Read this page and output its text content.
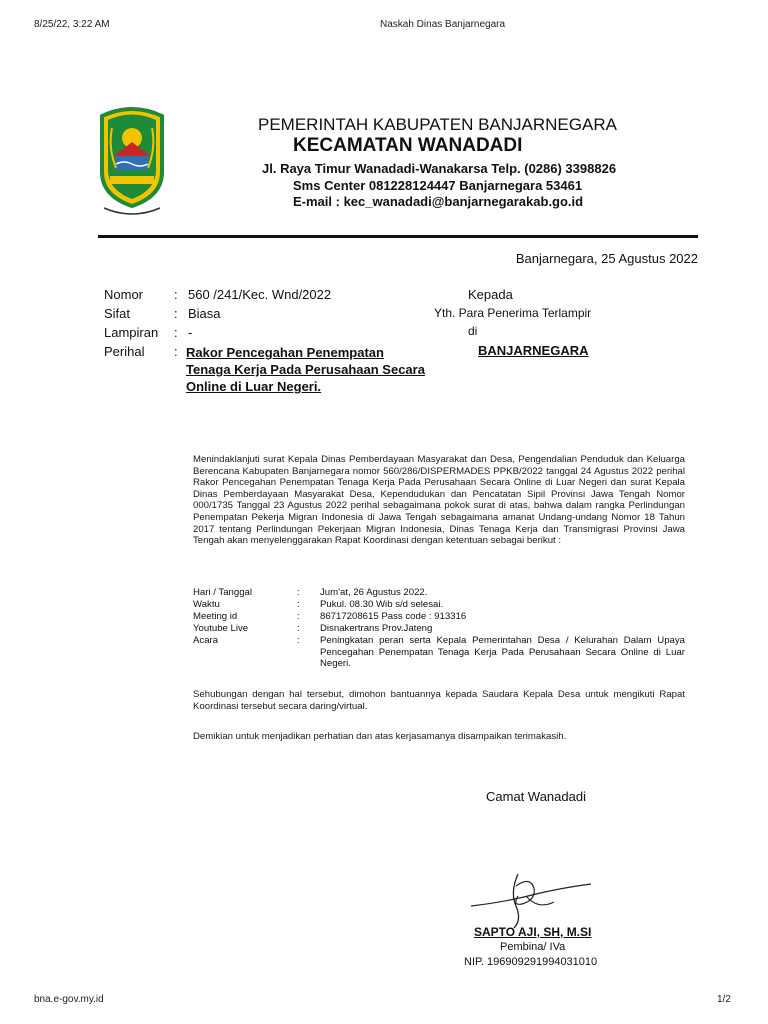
8/25/22, 3:22 AM	Naskah Dinas Banjarnegara
PEMERINTAH KABUPATEN BANJARNEGARA
KECAMATAN WANADADI
Jl. Raya Timur Wanadadi-Wanakarsa Telp. (0286) 3398826
Sms Center 081228124447 Banjarnegara 53461
E-mail : kec_wanadadi@banjarnegarakab.go.id
Banjarnegara, 25 Agustus 2022
Nomor : 560 /241/Kec. Wnd/2022
Sifat	: Biasa
Lampiran : -
Perihal : Rakor Pencegahan Penempatan Tenaga Kerja Pada Perusahaan Secara Online di Luar Negeri.
Kepada
Yth. Para Penerima Terlampir
di
BANJARNEGARA
Menindaklanjuti surat Kepala Dinas Pemberdayaan Masyarakat dan Desa, Pengendalian Penduduk dan Keluarga Berencana Kabupaten Banjarnegara nomor 560/286/DISPERMADES PPKB/2022 tanggal 24 Agustus 2022 perihal Rakor Pencegahan Penempatan Tenaga Kerja Pada Perusahaan Secara Online di Luar Negeri dan surat Kepala Dinas Pemberdayaan Masyarakat Desa, Kependudukan dan Pencatatan Sipil Provinsi Jawa Tengah Nomor 000/1735 Tanggal 23 Agustus 2022 perihal sebagaimana pokok surat di atas, bahwa dalam rangka Perlindungan Penempatan Pekerja Migran Indonesia di Jawa Tengah sebagaimana amanat Undang-undang Nomor 18 Tahun 2017 tentang Perlindungan Pekerjaan Migran Indonesia, Dinas Tenaga Kerja dan Transmigrasi Provinsi Jawa Tengah akan menyelenggarakan Rapat Koordinasi dengan ketentuan sebagai berikut :
Hari / Tanggal	: Jum'at, 26 Agustus 2022.
Waktu	: Pukul. 08.30 Wib s/d selesai.
Meeting id	: 86717208615 Pass code : 913316
Youtube Live	: Disnakertrans Prov.Jateng
Acara	: Peningkatan peran serta Kepala Pemerintahan Desa / Kelurahan Dalam Upaya Pencegahan Penempatan Tenaga Kerja Pada Perusahaan Secara Online di Luar Negeri.
Sehubungan dengan hal tersebut, dimohon bantuannya kepada Saudara Kepala Desa untuk mengikuti Rapat Koordinasi tersebut secara daring/virtual.
Demikian untuk menjadikan perhatian dan atas kerjasamanya disampaikan terimakasih.
Camat Wanadadi
SAPTO AJI, SH, M.SI
Pembina/ IVa
NIP. 196909291994031010
bna.e-gov.my.id	1/2
